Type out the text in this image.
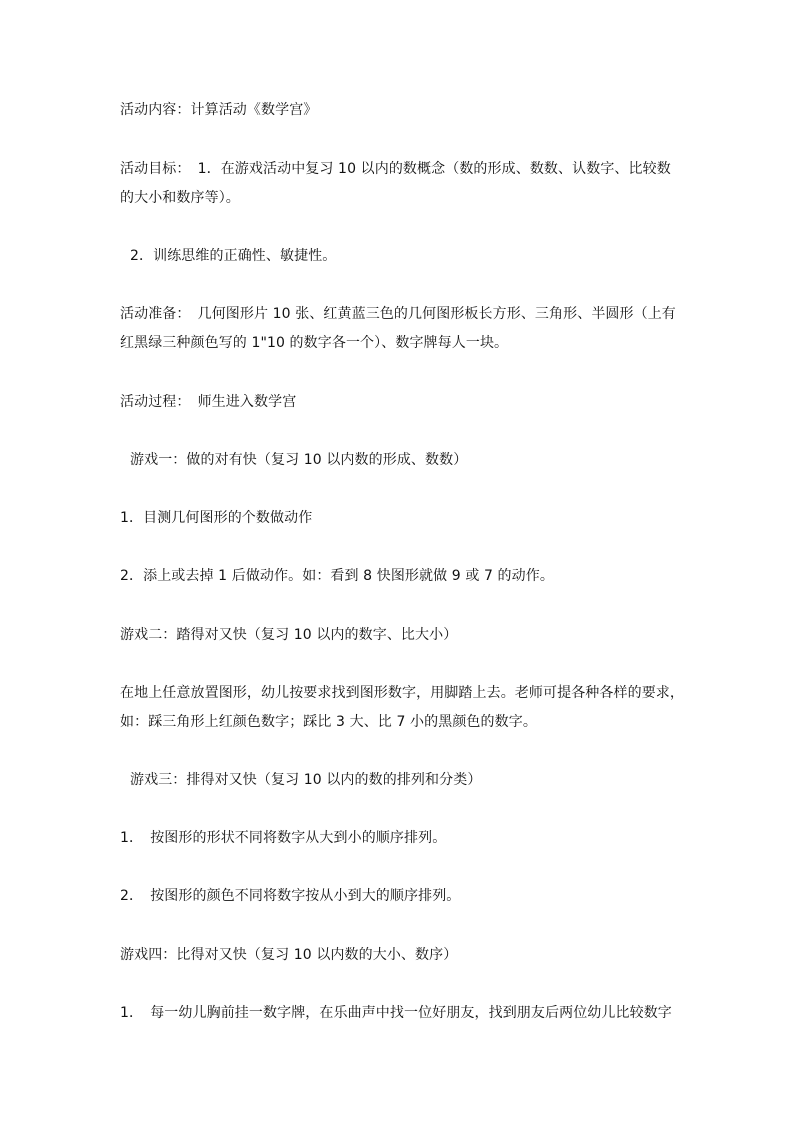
活动内容：计算活动《数学宫》

活动目标：　1．在游戏活动中复习 10 以内的数概念（数的形成、数数、认数字、比较数

的大小和数序等）。

2．训练思维的正确性、敏捷性。

活动准备：　几何图形片 10 张、红黄蓝三色的几何图形板长方形、三角形、半圆形（上有

红黑绿三种颜色写的 1"10 的数字各一个）、数字牌每人一块。

活动过程：　师生进入数学宫

游戏一：做的对有快（复习 10 以内数的形成、数数）

1．目测几何图形的个数做动作

2．添上或去掉 1 后做动作。如：看到 8 快图形就做 9 或 7 的动作。

游戏二：踏得对又快（复习 10 以内的数字、比大小）

在地上任意放置图形，幼儿按要求找到图形数字，用脚踏上去。老师可提各种各样的要求，

如：踩三角形上红颜色数字；踩比 3 大、比 7 小的黑颜色的数字。

游戏三：排得对又快（复习 10 以内的数的排列和分类）

1．　按图形的形状不同将数字从大到小的顺序排列。

2．　按图形的颜色不同将数字按从小到大的顺序排列。

游戏四：比得对又快（复习 10 以内数的大小、数序）

1．　每一幼儿胸前挂一数字牌，在乐曲声中找一位好朋友，找到朋友后两位幼儿比较数字
